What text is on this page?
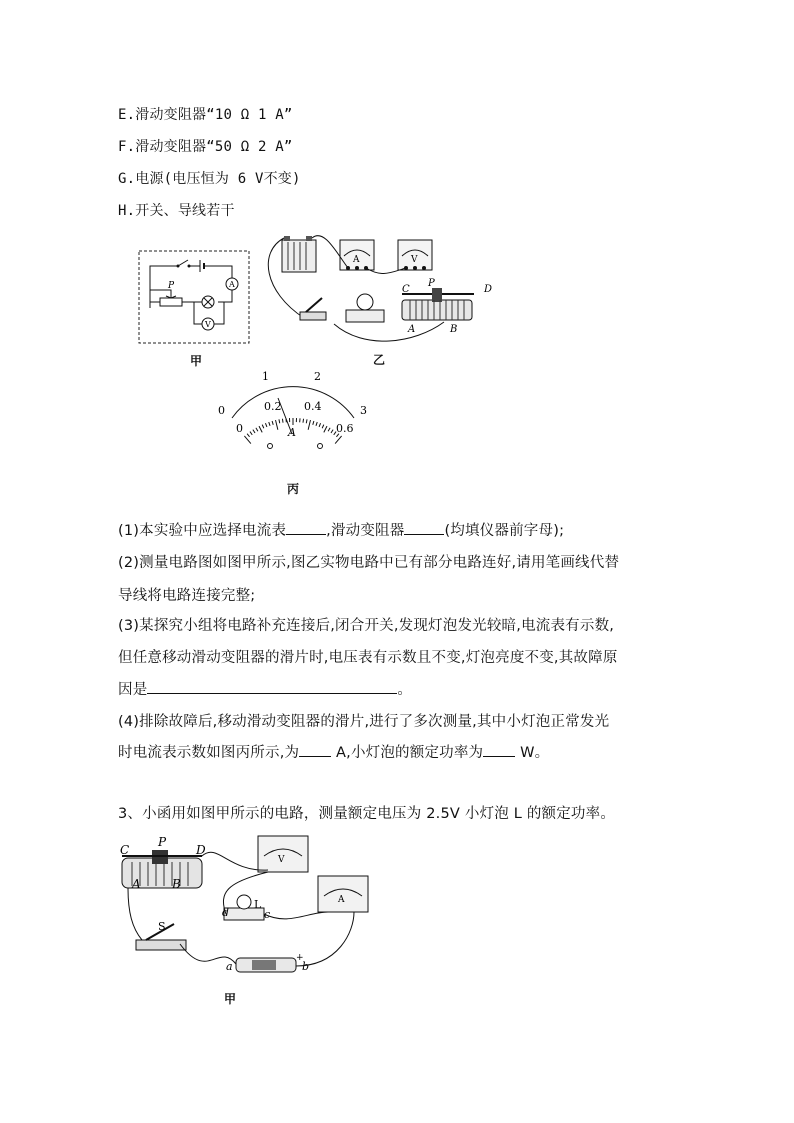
E.滑动变阻器“10 Ω 1 A”
F.滑动变阻器“50 Ω 2 A”
G.电源(电压恒为 6 V不变)
H.开关、导线若干
P	A
V
甲
A	V
C
P
D
A	B
乙
0
1	2
3
0
0.2 0.4
0.6
A
丙
(1)本实验中应选择电流表	,滑动变阻器	(均填仪器前字母);
(2)测量电路图如图甲所示,图乙实物电路中已有部分电路连好,请用笔画线代替
导线将电路连接完整;
(3)某探究小组将电路补充连接后,闭合开关,发现灯泡发光较暗,电流表有示数,
但任意移动滑动变阻器的滑片时,电压表有示数且不变,灯泡亮度不变,其故障原
因是	。
(4)排除故障后,移动滑动变阻器的滑片,进行了多次测量,其中小灯泡正常发光
时电流表示数如图丙所示,为 A,小灯泡的额定功率为 W。
3、小函用如图甲所示的电路，测量额定电压为 2.5V 小灯泡 L 的额定功率。
C
P
D
A	B
V
A
L
d	c
S
a	b
+
甲
